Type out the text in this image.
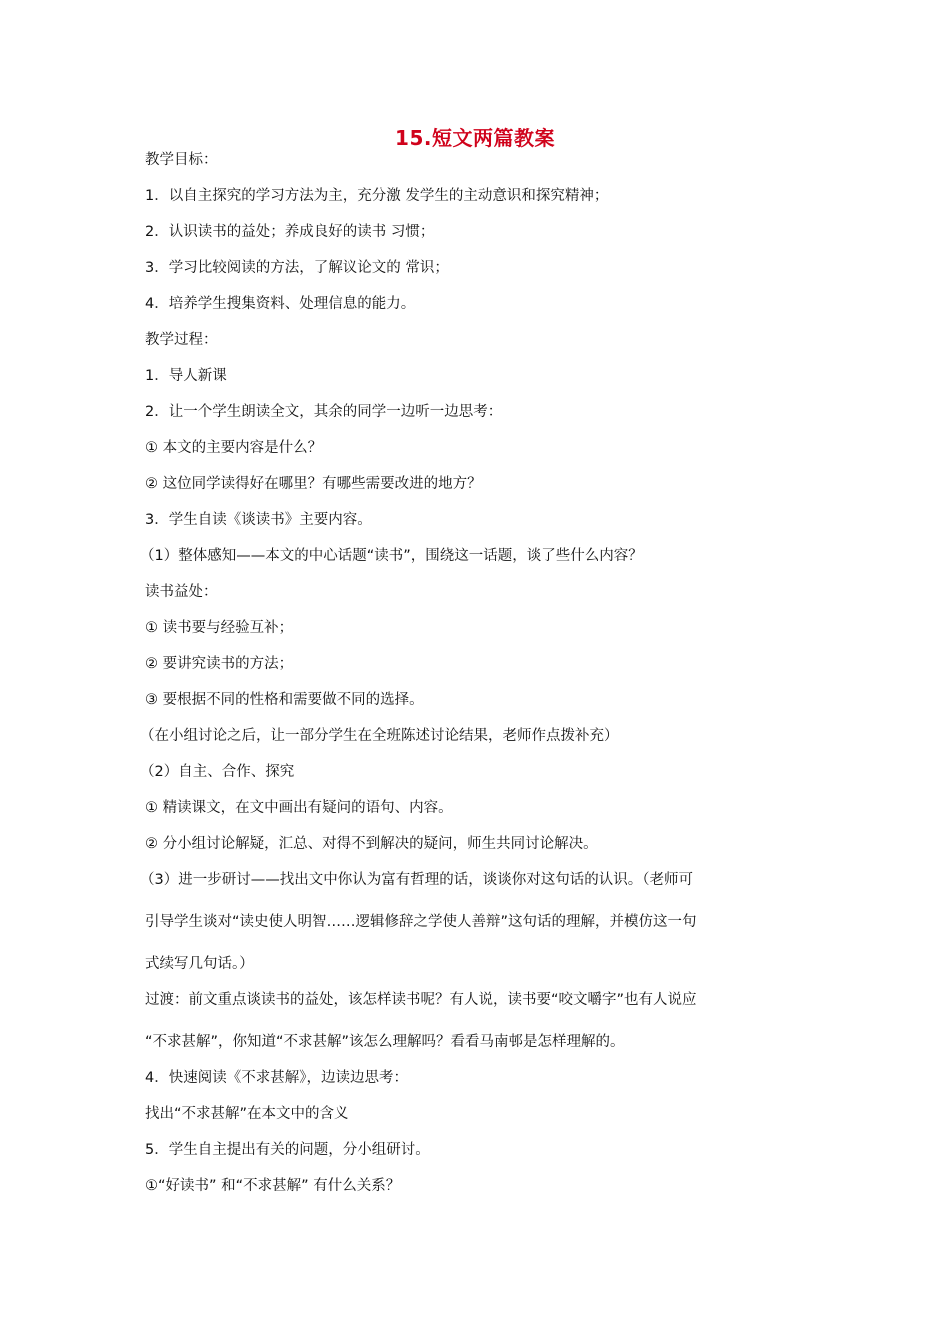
15.短文两篇教案
教学目标：
1．以自主探究的学习方法为主，充分激 发学生的主动意识和探究精神；
2．认识读书的益处；养成良好的读书 习惯；
3．学习比较阅读的方法，了解议论文的 常识；
4．培养学生搜集资料、处理信息的能力。
教学过程：
1．导人新课
2．让一个学生朗读全文，其余的同学一边听一边思考：
① 本文的主要内容是什么？
② 这位同学读得好在哪里？有哪些需要改进的地方？
3．学生自读《谈读书》主要内容。
（1）整体感知——本文的中心话题“读书”，围绕这一话题，谈了些什么内容？
读书益处：
① 读书要与经验互补；
② 要讲究读书的方法；
③ 要根据不同的性格和需要做不同的选择。
（在小组讨论之后，让一部分学生在全班陈述讨论结果，老师作点拨补充）
（2）自主、合作、探究
① 精读课文，在文中画出有疑问的语句、内容。
② 分小组讨论解疑，汇总、对得不到解决的疑问，师生共同讨论解决。
（3）进一步研讨——找出文中你认为富有哲理的话，谈谈你对这句话的认识。（老师可
引导学生谈对“读史使人明智……逻辑修辞之学使人善辩”这句话的理解，并模仿这一句
式续写几句话。）
过渡：前文重点谈读书的益处，该怎样读书呢？有人说，读书要“咬文嚼字”也有人说应
“不求甚解”，你知道“不求甚解”该怎么理解吗？看看马南邨是怎样理解的。
4．快速阅读《不求甚解》，边读边思考：
找出“不求甚解”在本文中的含义
5．学生自主提出有关的问题，分小组研讨。
①“好读书” 和“不求甚解” 有什么关系？
